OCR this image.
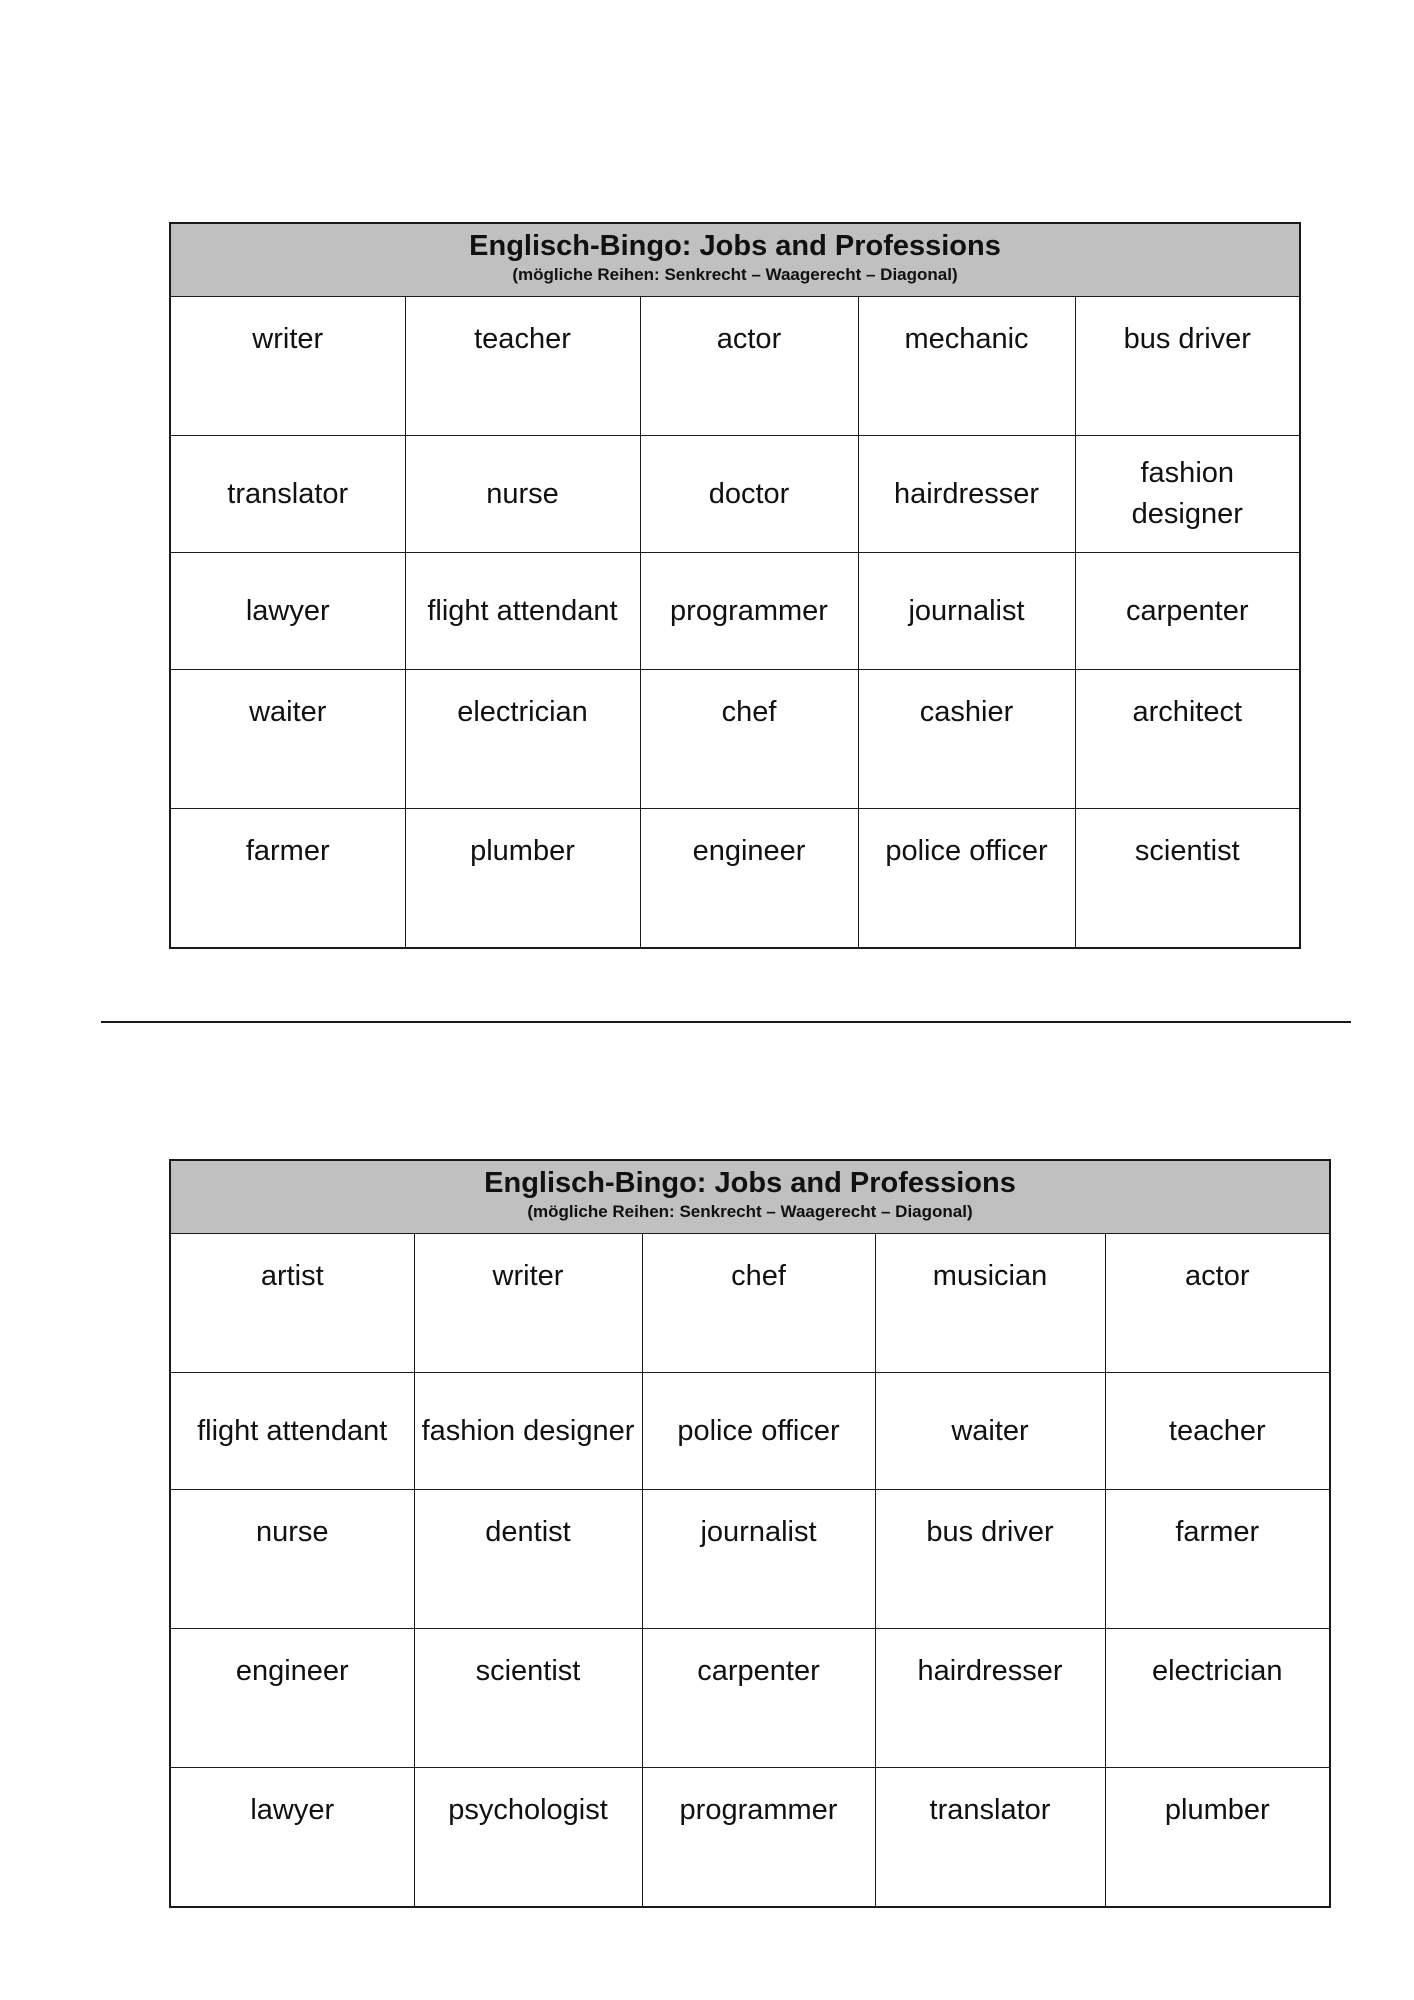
Englisch-Bingo: Jobs and Professions
(mögliche Reihen: Senkrecht – Waagerecht – Diagonal)				

writer	teacher	actor	mechanic	bus driver
translator	nurse	doctor	hairdresser	fashion designer
lawyer	flight attendant	programmer	journalist	carpenter
waiter	electrician	chef	cashier	architect
farmer	plumber	engineer	police officer	scientist
Englisch-Bingo: Jobs and Professions
(mögliche Reihen: Senkrecht – Waagerecht – Diagonal)				

artist	writer	chef	musician	actor
flight attendant	fashion designer	police officer	waiter	teacher
nurse	dentist	journalist	bus driver	farmer
engineer	scientist	carpenter	hairdresser	electrician
lawyer	psychologist	programmer	translator	plumber
